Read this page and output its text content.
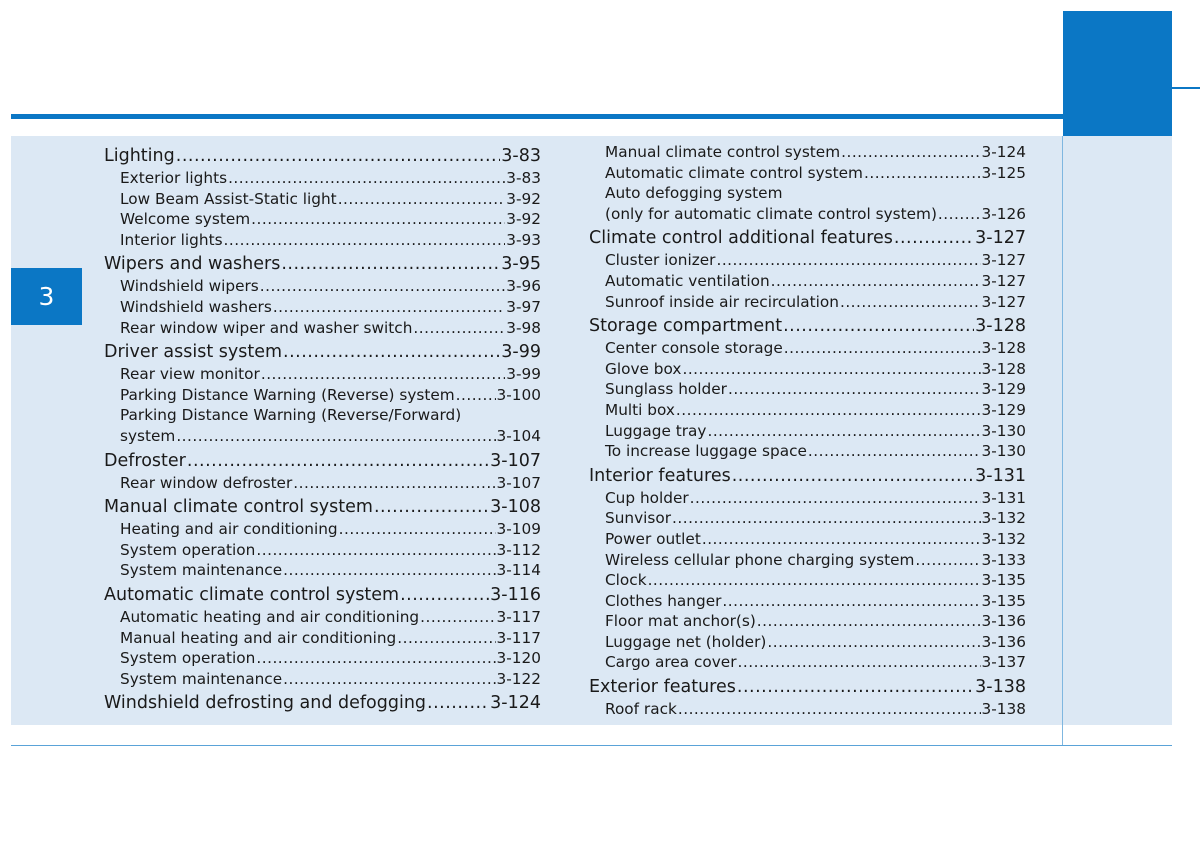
3
Lighting .....	3-83
Exterior lights .....	3-83
Low Beam Assist-Static light .....	3-92
Welcome system .....	3-92
Interior lights .....	3-93
Wipers and washers .....	3-95
Windshield wipers .....	3-96
Windshield washers .....	3-97
Rear window wiper and washer switch .....	3-98
Driver assist system .....	3-99
Rear view monitor .....	3-99
Parking Distance Warning (Reverse) system .....	3-100
Parking Distance Warning (Reverse/Forward)
system .....	3-104
Defroster .....	3-107
Rear window defroster .....	3-107
Manual climate control system .....	3-108
Heating and air conditioning .....	3-109
System operation .....	3-112
System maintenance .....	3-114
Automatic climate control system .....	3-116
Automatic heating and air conditioning .....	3-117
Manual heating and air conditioning .....	3-117
System operation .....	3-120
System maintenance .....	3-122
Windshield defrosting and defogging .....	3-124
Manual climate control system .....	3-124
Automatic climate control system .....	3-125
Auto defogging system
(only for automatic climate control system) .....	3-126
Climate control additional features .....	3-127
Cluster ionizer .....	3-127
Automatic ventilation .....	3-127
Sunroof inside air recirculation .....	3-127
Storage compartment .....	3-128
Center console storage .....	3-128
Glove box .....	3-128
Sunglass holder .....	3-129
Multi box .....	3-129
Luggage tray .....	3-130
To increase luggage space .....	3-130
Interior features .....	3-131
Cup holder .....	3-131
Sunvisor .....	3-132
Power outlet .....	3-132
Wireless cellular phone charging system .....	3-133
Clock .....	3-135
Clothes hanger .....	3-135
Floor mat anchor(s) .....	3-136
Luggage net (holder) .....	3-136
Cargo area cover .....	3-137
Exterior features .....	3-138
Roof rack .....	3-138
